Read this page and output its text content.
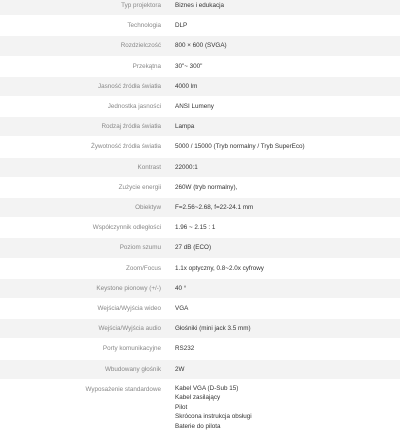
Typ projektora	Biznes i edukacja
Technologia	DLP
Rozdzielczość	800 × 600 (SVGA)
Przekątna	30"~ 300"
Jasność źródła światła	4000 lm
Jednostka jasności	ANSI Lumeny
Rodzaj źródła światła	Lampa
Żywotność źródła światła	5000 / 15000 (Tryb normalny / Tryb SuperEco)
Kontrast	22000:1
Zużycie energii	260W (tryb normalny),
Obiektyw	F=2.56~2.68, f=22-24.1 mm
Współczynnik odległości	1.96 ~ 2.15 : 1
Poziom szumu	27 dB (ECO)
Zoom/Focus	1.1x optyczny, 0.8~2.0x cyfrowy
Keystone pionowy (+/-)	40 °
Wejścia/Wyjścia wideo	VGA
Wejścia/Wyjścia audio	Głośniki (mini jack 3.5 mm)
Porty komunikacyjne	RS232
Wbudowany głośnik	2W
Wyposażenie standardowe	Kabel VGA (D-Sub 15)
Kabel zasilający
Pilot
Skrócona instrukcja obsługi
Baterie do pilota
